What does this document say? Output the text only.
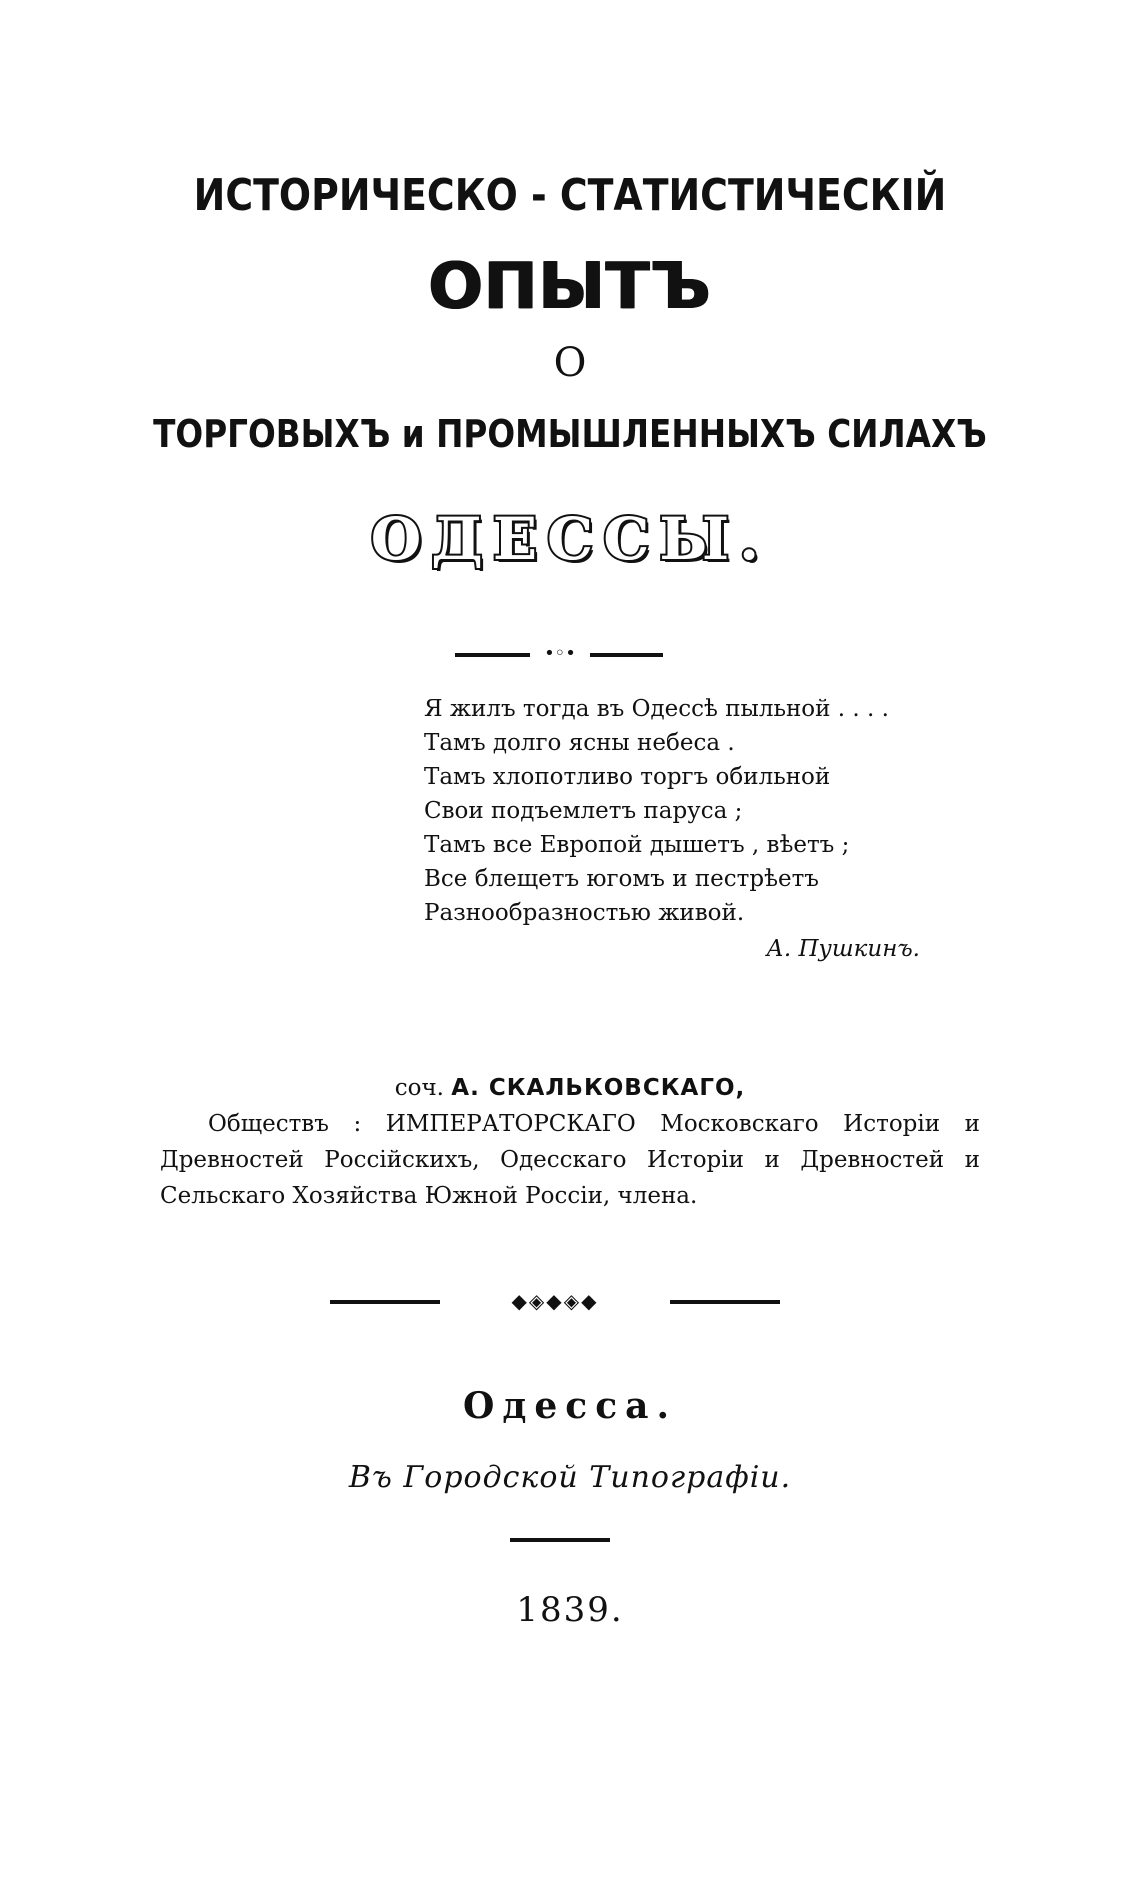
ИСТОРИЧЕСКО - СТАТИСТИЧЕСКIЙ
ОПЫТЪ
О
ТОРГОВЫХЪ и ПРОМЫШЛЕННЫХЪ СИЛАХЪ
ОДЕССЫ.
•◦•
Я жилъ тогда въ Одессѣ пыльной . . . .
Тамъ долго ясны небеса .
Тамъ хлопотливо торгъ обильной
Свои подъемлетъ паруса ;
Тамъ все Европой дышетъ , вѣетъ ;
Все блещетъ югомъ и пестрѣетъ
Разнообразностью живой.
А. Пушкинъ.
соч. А. СКАЛЬКОВСКАГО,
Обществъ : ИМПЕРАТОРСКАГО Московскаго Исторiи и Древностей Россiйскихъ, Одесскаго Исторiи и Древностей и Сельскаго Хозяйства Южной Россiи, члена.
◆◈◆◈◆
Одесса.
Въ Городской Типографiи.
1839.
